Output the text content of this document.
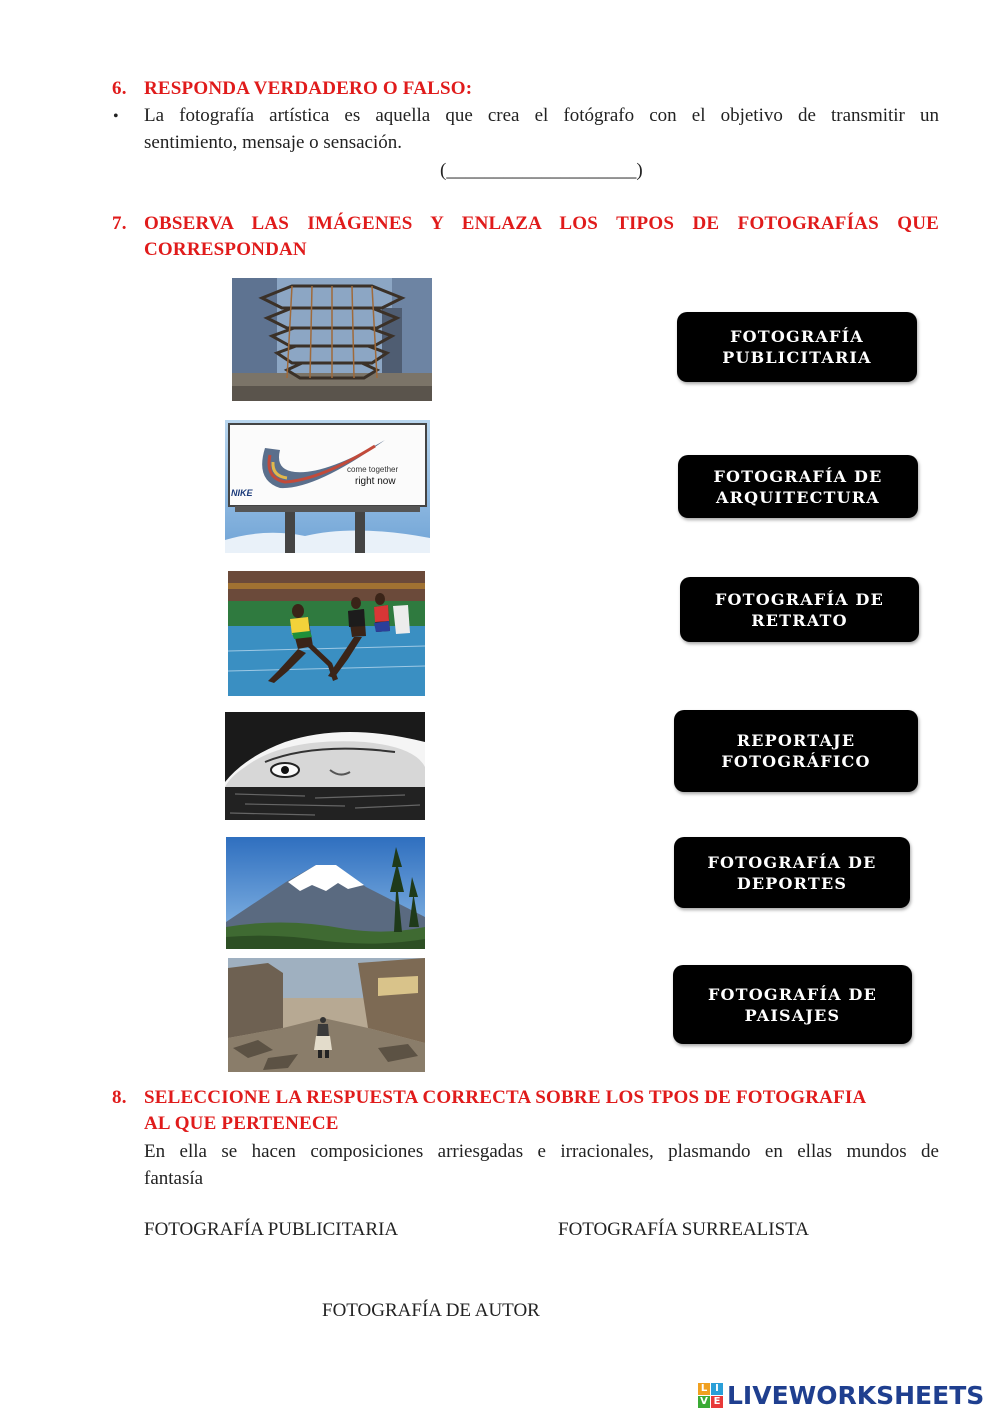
6. RESPONDA VERDADERO O FALSO:
• La fotografía artística es aquella que crea el fotógrafo con el objetivo de transmitir un
sentimiento, mensaje o sensación.
(____________________)
7. OBSERVA LAS IMÁGENES Y ENLAZA LOS TIPOS DE FOTOGRAFÍAS QUE
CORRESPONDAN
come together
right now
NIKE
FOTOGRAFÍA
PUBLICITARIA
FOTOGRAFÍA DE
ARQUITECTURA
FOTOGRAFÍA DE
RETRATO
REPORTAJE
FOTOGRÁFICO
FOTOGRAFÍA DE
DEPORTES
FOTOGRAFÍA DE
PAISAJES
8. SELECCIONE LA RESPUESTA CORRECTA SOBRE LOS TPOS DE FOTOGRAFIA
AL QUE PERTENECE
En ella se hacen composiciones arriesgadas e irracionales, plasmando en ellas mundos de
fantasía
FOTOGRAFÍA PUBLICITARIA	FOTOGRAFÍA SURREALISTA
FOTOGRAFÍA DE AUTOR
L I
V E LIVEWORKSHEETS
